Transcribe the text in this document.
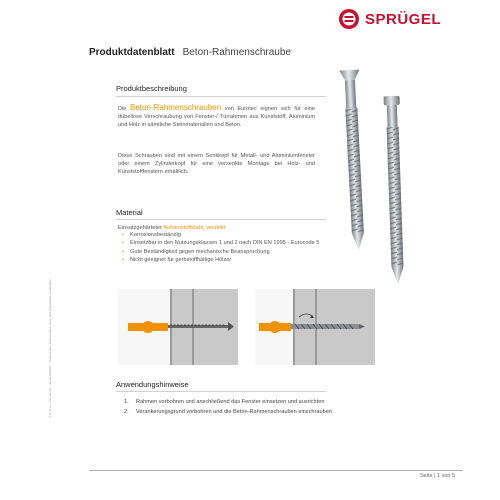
SPRÜGEL
Produktdatenblatt Beton-Rahmenschraube
Produktbeschreibung
Die Beton-Rahmenschrauben von Eurotec eignen sich für eine dübellose Verschraubung von Fenster-/ Türrahmen aus Kunststoff, Aluminium und Holz in sämtliche Steinmaterialien und Beton.
Diese Schrauben sind mit einem Senkkopf für Metall- und Aluminiumfenster oder einem Zylinderkopf für eine versenkte Montage bei Holz- und Kunststofffenstern erhältlich.
Material
Einsatzgehärteter Kohlenstoffstahl, verzinkt
• Korrosionsbeständig
• Einsetzbar in den Nutzungsklassen 1 und 2 nach DIN EN 1995 - Eurocode 5
• Gute Beständigkeit gegen mechanische Beanspruchung
• Nicht geeignet für gerbstoffhaltige Hölzer
Anwendungshinweise
1.	Rahmen vorbohren und anschließend das Fenster einsetzen und ausrichten
2.	Verankerungsgrund vorbohren und die Beton-Rahmenschrauben einschrauben
© by E.u.r.o.Tec GmbH · Stand 06/2017 · Änderungen, Ergänzungen, Satz- und Druckfehler vorbehalten
Seite | 1 von 5
